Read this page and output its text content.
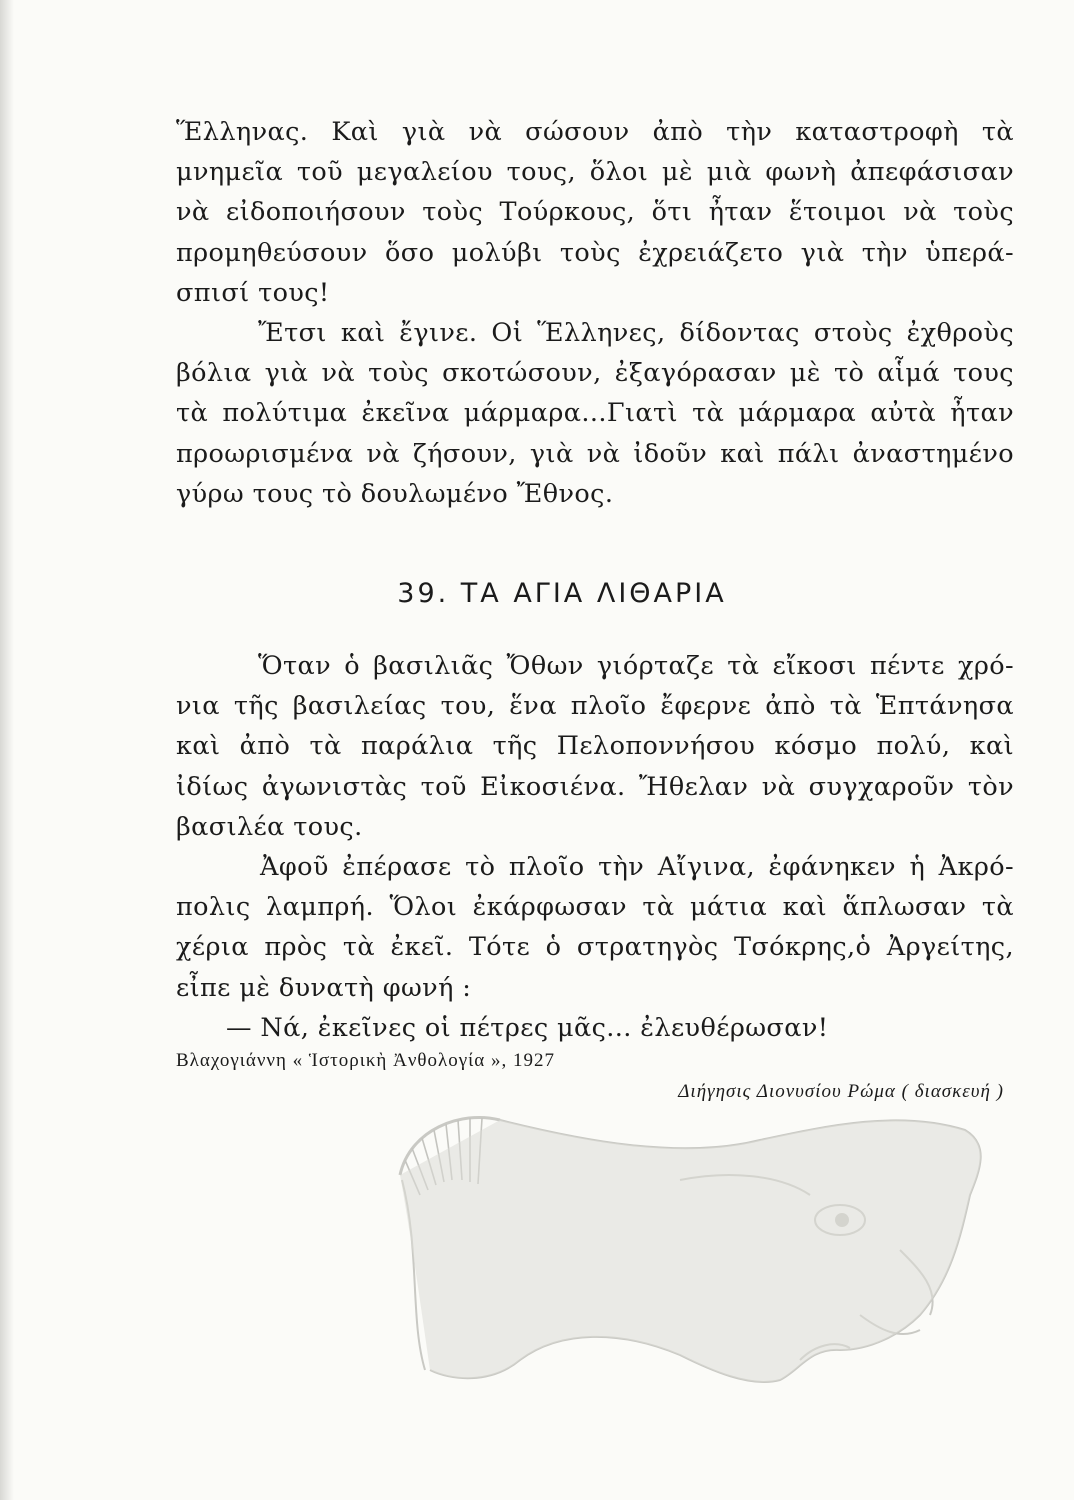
Ἕλληνας. Καὶ γιὰ νὰ σώσουν ἀπὸ τὴν καταστροφὴ τὰ
μνημεῖα τοῦ μεγαλείου τους, ὅλοι μὲ μιὰ φωνὴ ἀπεφάσισαν
νὰ εἰδοποιήσουν τοὺς Τούρκους, ὅτι ἦταν ἕτοιμοι νὰ τοὺς
προμηθεύσουν ὅσο μολύβι τοὺς ἐχρειάζετο γιὰ τὴν ὑπερά-
σπισί τους!
Ἔτσι καὶ ἔγινε. Οἱ Ἕλληνες, δίδοντας στοὺς ἐχθροὺς
βόλια γιὰ νὰ τοὺς σκοτώσουν, ἐξαγόρασαν μὲ τὸ αἷμά τους
τὰ πολύτιμα ἐκεῖνα μάρμαρα...Γιατὶ τὰ μάρμαρα αὐτὰ ἦταν
προωρισμένα νὰ ζήσουν, γιὰ νὰ ἰδοῦν καὶ πάλι ἀναστημένο
γύρω τους τὸ δουλωμένο Ἔθνος.
39. ΤΑ ΑΓΙΑ ΛΙΘΑΡΙΑ
Ὅταν ὁ βασιλιᾶς Ὄθων γιόρταζε τὰ εἴκοσι πέντε χρό-
νια τῆς βασιλείας του, ἕνα πλοῖο ἔφερνε ἀπὸ τὰ Ἑπτάνησα
καὶ ἀπὸ τὰ παράλια τῆς Πελοποννήσου κόσμο πολύ, καὶ
ἰδίως ἀγωνιστὰς τοῦ Εἰκοσιένα. Ἤθελαν νὰ συγχαροῦν τὸν
βασιλέα τους.
Ἀφοῦ ἐπέρασε τὸ πλοῖο τὴν Αἴγινα, ἐφάνηκεν ἡ Ἀκρό-
πολις λαμπρή. Ὅλοι ἐκάρφωσαν τὰ μάτια καὶ ἅπλωσαν τὰ
χέρια πρὸς τὰ ἐκεῖ. Τότε ὁ στρατηγὸς Τσόκρης,ὁ Ἀργείτης,
εἶπε μὲ δυνατὴ φωνή :
— Νά, ἐκεῖνες οἱ πέτρες μᾶς... ἐλευθέρωσαν!
Βλαχογιάννη « Ἱστορικὴ Ἀνθολογία », 1927
Διήγησις Διονυσίου Ρώμα ( διασκευή )
